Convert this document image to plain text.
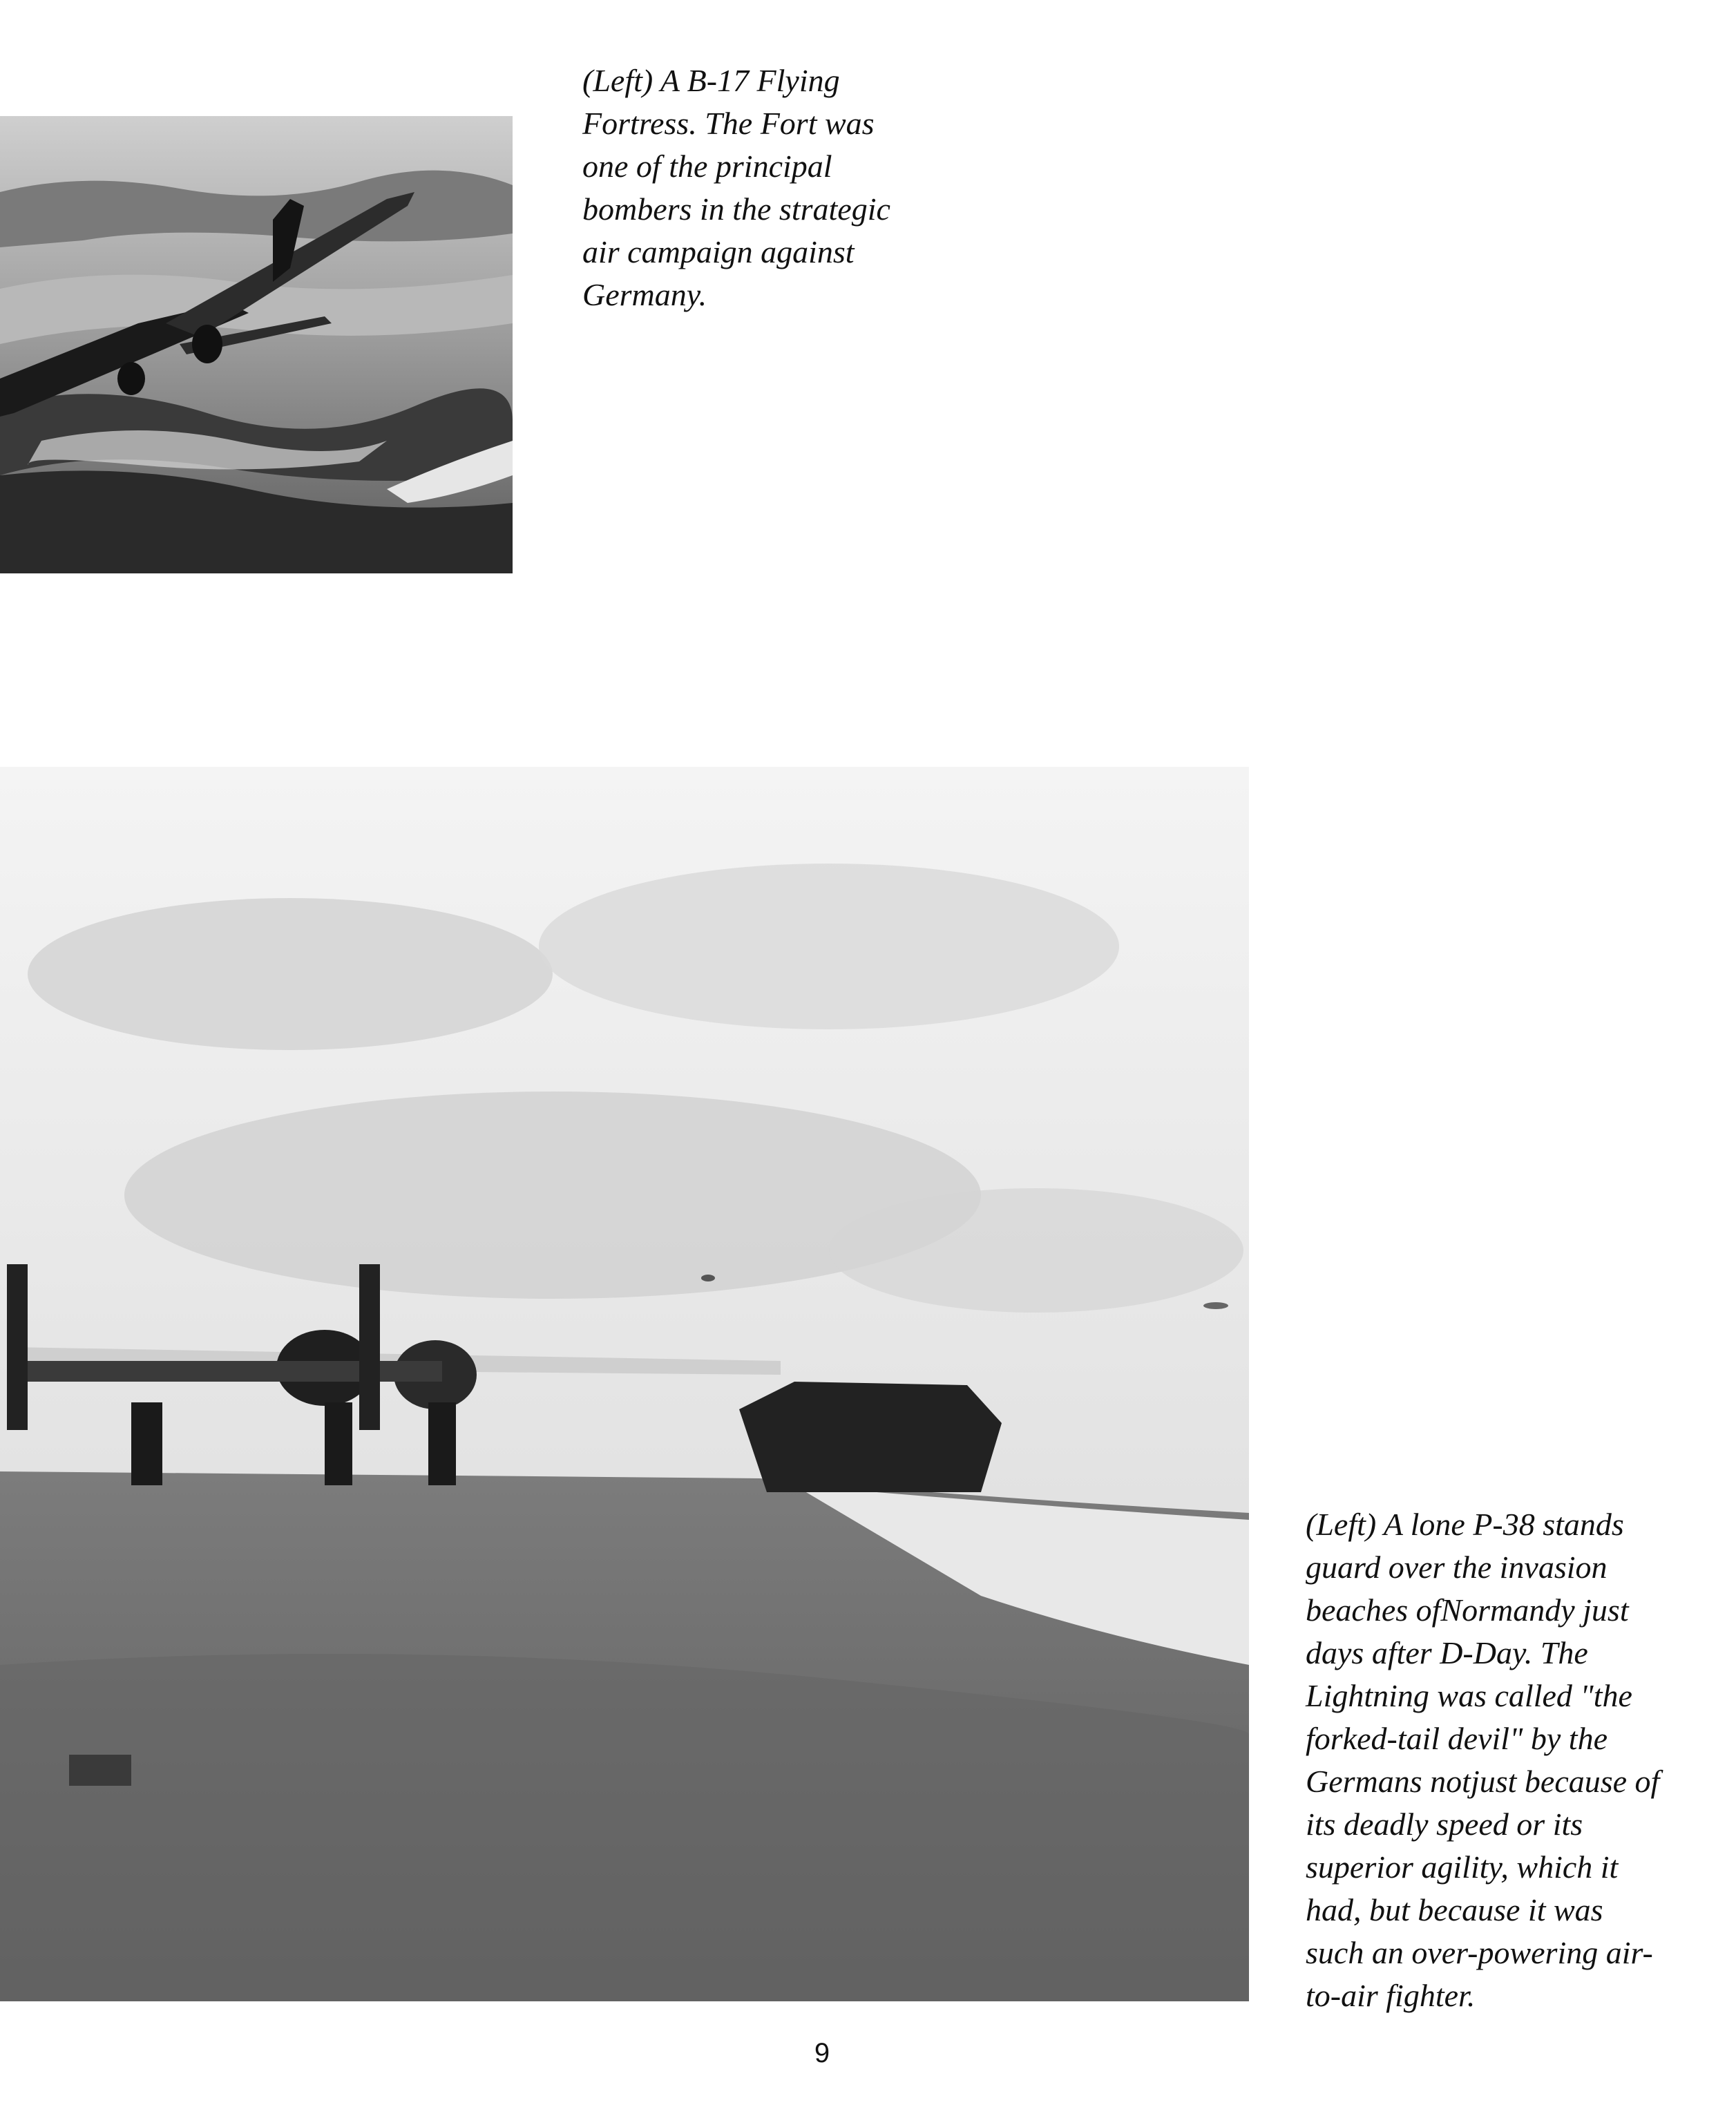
(Left) A B-17 Flying
Fortress. The Fort was
one of the principal
bombers in the strategic
air campaign against
Germany.

(Left) A lone P-38 stands
guard over the invasion
beaches ofNormandy just
days after D-Day. The
Lightning was called "the
forked-tail devil" by the
Germans notjust because of
its deadly speed or its
superior agility, which it
had, but because it was
such an over-powering air-
to-air fighter.

9
